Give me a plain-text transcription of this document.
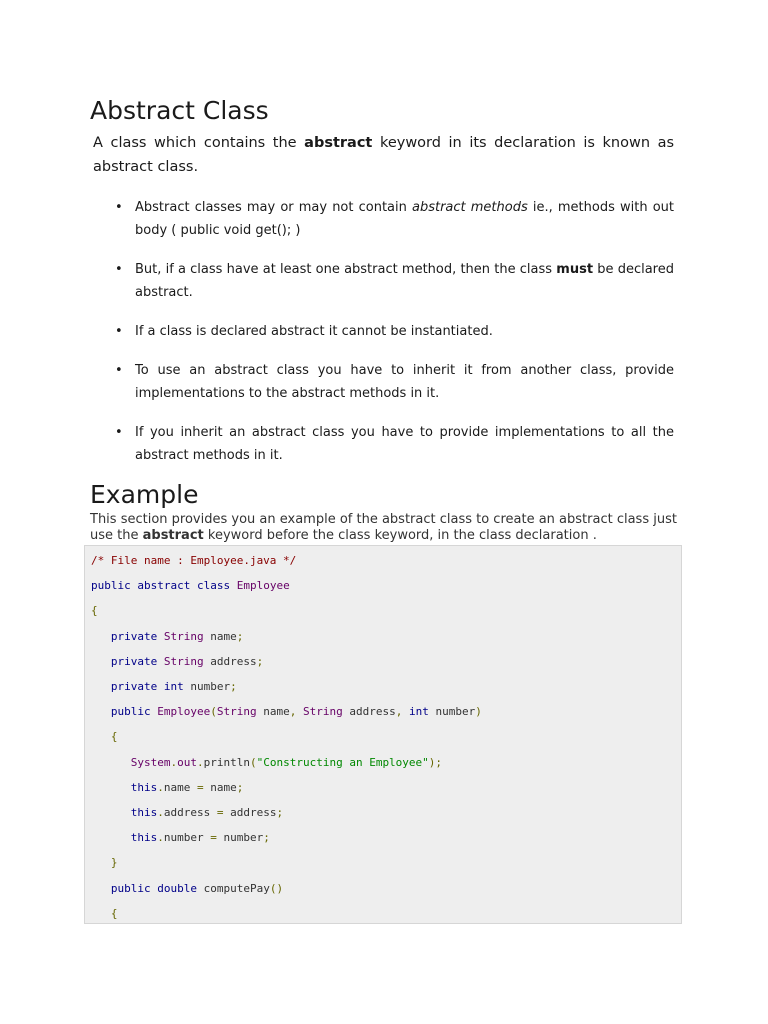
Abstract Class

A class which contains the abstract keyword in its declaration is known as abstract class.

• Abstract classes may or may not contain abstract methods ie., methods with out body ( public void get(); )
• But, if a class have at least one abstract method, then the class must be declared abstract.
• If a class is declared abstract it cannot be instantiated.
• To use an abstract class you have to inherit it from another class, provide implementations to the abstract methods in it.
• If you inherit an abstract class you have to provide implementations to all the abstract methods in it.
Example

This section provides you an example of the abstract class to create an abstract class just use the abstract keyword before the class keyword, in the class declaration .

/* File name : Employee.java */
public abstract class Employee
{
private String name;
private String address;
private int number;
public Employee(String name, String address, int number)
{
System.out.println("Constructing an Employee");
this.name = name;
this.address = address;
this.number = number;
}
public double computePay()
{
